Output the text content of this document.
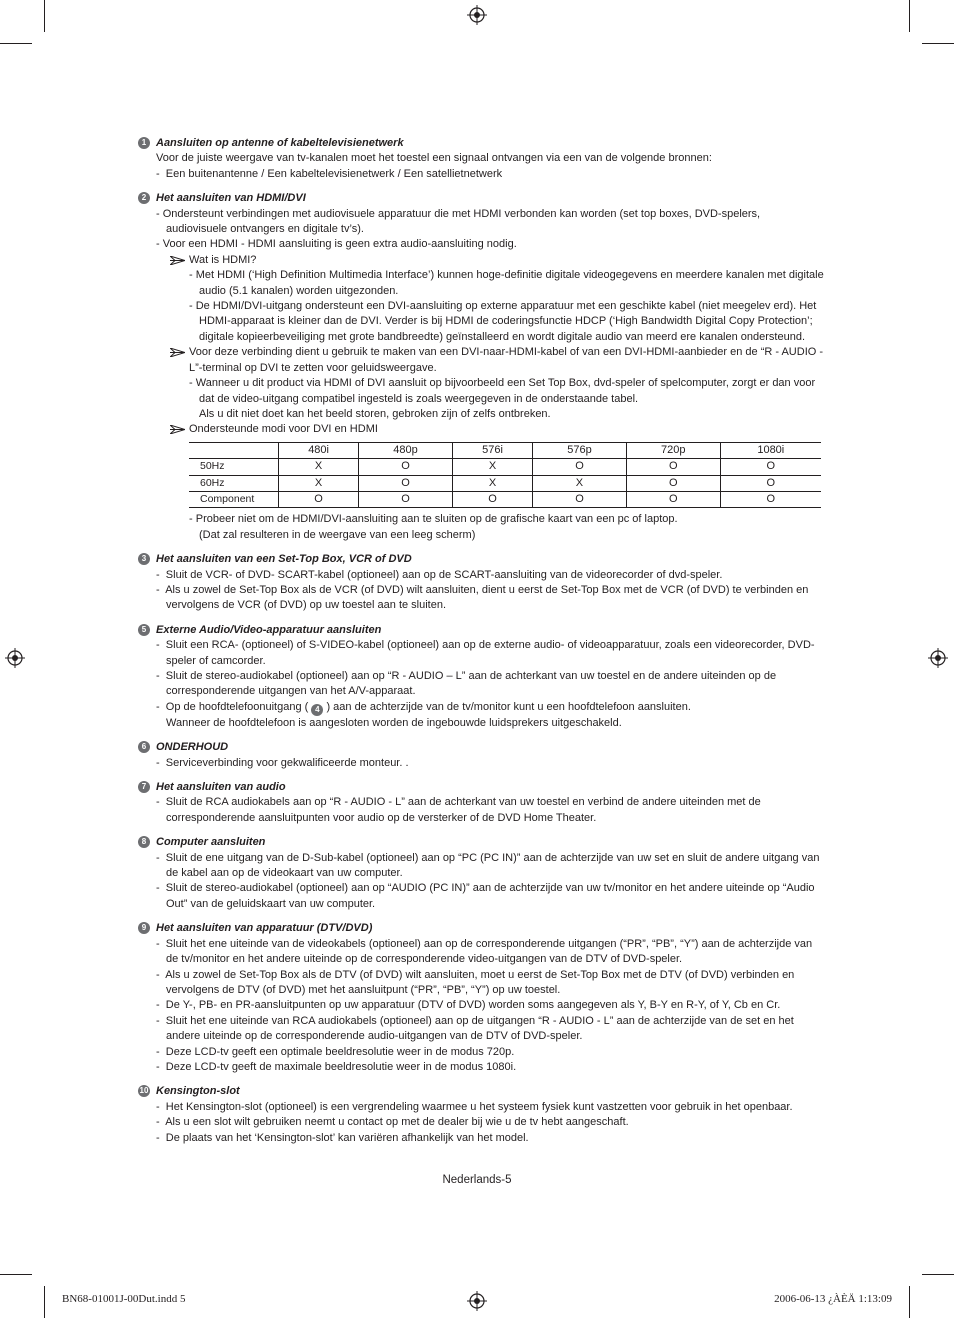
1 Aansluiten op antenne of kabeltelevisienetwerk
Voor de juiste weergave van tv-kanalen moet het toestel een signaal ontvangen via een van de volgende bronnen:
- Een buitenantenne / Een kabeltelevisienetwerk / Een satellietnetwerk
2 Het aansluiten van HDMI/DVI
- Ondersteunt verbindingen met audiovisuele apparatuur die met HDMI verbonden kan worden (set top boxes, DVD-spelers, audiovisuele ontvangers en digitale tv’s).
- Voor een HDMI - HDMI aansluiting is geen extra audio-aansluiting nodig.
Wat is HDMI?
- Met HDMI (‘High Definition Multimedia Interface’) kunnen hoge-definitie digitale videogegevens en meerdere kanalen met digitale audio (5.1 kanalen) worden uitgezonden.
- De HDMI/DVI-uitgang ondersteunt een DVI-aansluiting op externe apparatuur met een geschikte kabel (niet meegelev erd). Het HDMI-apparaat is kleiner dan de DVI. Verder is bij HDMI de coderingsfunctie HDCP (‘High Bandwidth Digital Copy Protection’; digitale kopieerbeveiliging met grote bandbreedte) geïnstalleerd en wordt digitale audio van meerd ere kanalen ondersteund.
Voor deze verbinding dient u gebruik te maken van een DVI-naar-HDMI-kabel of van een DVI-HDMI-aanbieder en de “R - AUDIO - L”-terminal op DVI te zetten voor geluidsweergave.
- Wanneer u dit product via HDMI of DVI aansluit op bijvoorbeeld een Set Top Box, dvd-speler of spelcomputer, zorgt er dan voor dat de video-uitgang compatibel ingesteld is zoals weergegeven in de onderstaande tabel.
Als u dit niet doet kan het beeld storen, gebroken zijn of zelfs ontbreken.
Ondersteunde modi voor DVI en HDMI
	480i	480p	576i	576p	720p	1080i
50Hz	X	O	X	O	O	O
60Hz	X	O	X	X	O	O
Component	O	O	O	O	O	O
- Probeer niet om de HDMI/DVI-aansluiting aan te sluiten op de grafische kaart van een pc of laptop.
(Dat zal resulteren in de weergave van een leeg scherm)
3 Het aansluiten van een Set-Top Box, VCR of DVD
- Sluit de VCR- of DVD- SCART-kabel (optioneel) aan op de SCART-aansluiting van de videorecorder of dvd-speler.
- Als u zowel de Set-Top Box als de VCR (of DVD) wilt aansluiten, dient u eerst de Set-Top Box met de VCR (of DVD) te verbinden en vervolgens de VCR (of DVD) op uw toestel aan te sluiten.
5 Externe Audio/Video-apparatuur aansluiten
- Sluit een RCA- (optioneel) of S-VIDEO-kabel (optioneel) aan op de externe audio- of videoapparatuur, zoals een videorecorder, DVD-speler of camcorder.
- Sluit de stereo-audiokabel (optioneel) aan op “R - AUDIO – L” aan de achterkant van uw toestel en de andere uiteinden op de corresponderende uitgangen van het A/V-apparaat.
- Op de hoofdtelefoonuitgang ( 4 ) aan de achterzijde van de tv/monitor kunt u een hoofdtelefoon aansluiten.
Wanneer de hoofdtelefoon is aangesloten worden de ingebouwde luidsprekers uitgeschakeld.
6 ONDERHOUD
- Serviceverbinding voor gekwalificeerde monteur. .
7 Het aansluiten van audio
- Sluit de RCA audiokabels aan op “R - AUDIO - L” aan de achterkant van uw toestel en verbind de andere uiteinden met de corresponderende aansluitpunten voor audio op de versterker of de DVD Home Theater.
8 Computer aansluiten
- Sluit de ene uitgang van de D-Sub-kabel (optioneel) aan op “PC (PC IN)” aan de achterzijde van uw set en sluit de andere uitgang van de kabel aan op de videokaart van uw computer.
- Sluit de stereo-audiokabel (optioneel) aan op “AUDIO (PC IN)” aan de achterzijde van uw tv/monitor en het andere uiteinde op “Audio Out” van de geluidskaart van uw computer.
9 Het aansluiten van apparatuur (DTV/DVD)
- Sluit het ene uiteinde van de videokabels (optioneel) aan op de corresponderende uitgangen (“PR”, “PB”, “Y”) aan de achterzijde van de tv/monitor en het andere uiteinde op de corresponderende video-uitgangen van de DTV of DVD-speler.
- Als u zowel de Set-Top Box als de DTV (of DVD) wilt aansluiten, moet u eerst de Set-Top Box met de DTV (of DVD) verbinden en vervolgens de DTV (of DVD) met het aansluitpunt (“PR”, “PB”, “Y”) op uw toestel.
- De Y-, PB- en PR-aansluitpunten op uw apparatuur (DTV of DVD) worden soms aangegeven als Y, B-Y en R-Y, of Y, Cb en Cr.
- Sluit het ene uiteinde van RCA audiokabels (optioneel) aan op de uitgangen “R - AUDIO - L” aan de achterzijde van de set en het andere uiteinde op de corresponderende audio-uitgangen van de DTV of DVD-speler.
- Deze LCD-tv geeft een optimale beeldresolutie weer in de modus 720p.
- Deze LCD-tv geeft de maximale beeldresolutie weer in de modus 1080i.
10 Kensington-slot
- Het Kensington-slot (optioneel) is een vergrendeling waarmee u het systeem fysiek kunt vastzetten voor gebruik in het openbaar.
- Als u een slot wilt gebruiken neemt u contact op met de dealer bij wie u de tv hebt aangeschaft.
- De plaats van het ‘Kensington-slot’ kan variëren afhankelijk van het model.
Nederlands-5
BN68-01001J-00Dut.indd 5	2006-06-13 ¿ÀÈÄ 1:13:09
